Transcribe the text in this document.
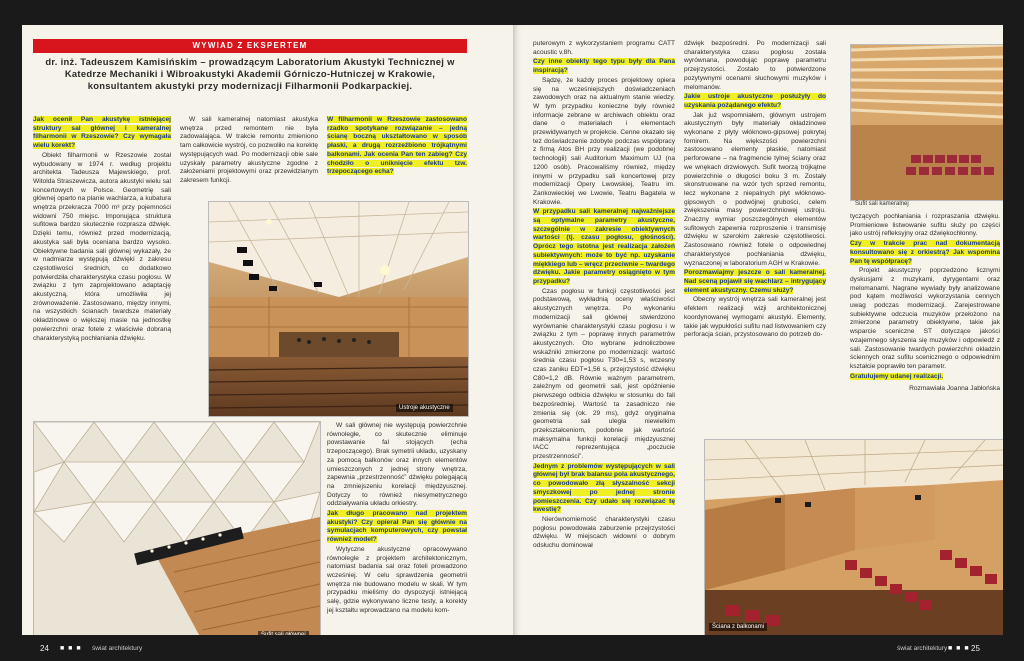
WYWIAD Z EKSPERTEM
dr. inż. Tadeuszem Kamisińskim – prowadzącym Laboratorium Akustyki Technicznej w Katedrze Mechaniki i Wibroakustyki Akademii Górniczo-Hutniczej w Krakowie, konsultantem akustyki przy modernizacji Filharmonii Podkarpackiej.

Jak ocenił Pan akustykę istniejącej struktury sal głównej i kameralnej filharmonii w Rzeszowie? Czy wymagała wielu korekt?

Obiekt filharmonii w Rzeszowie został wybudowany w 1974 r. według projektu architekta Tadeusza Majewskiego, prof. Witolda Straszewicza, autora akustyki wielu sal koncertowych w Polsce. Geometrię sali głównej oparto na planie wachlarza, a kubatura wnętrza przekracza 7000 m³ przy pojemności widowni 750 miejsc. Imponująca struktura sufitowa bardzo skutecznie rozprasza dźwięk. Dzięki temu, również przed modernizacją, akustyka sali była oceniana bardzo wysoko. Obiektywne badania sali głównej wykazały, że w nadmiarze występują dźwięki z zakresu częstotliwości średnich, co dodatkowo potwierdziła charakterystyka czasu pogłosu. W związku z tym zaprojektowano adaptację akustyczną, która umożliwiła jej zrównoważenie. Zastosowano, między innymi, na wszystkich ścianach twardsze materiały okładzinowe o większej masie na jednostkę powierzchni oraz fotele z właściwie dobraną charakterystyką pochłaniania dźwięku.

W sali kameralnej natomiast akustyka wnętrza przed remontem nie była zadowalająca. W trakcie remontu zmieniono tam całkowicie wystrój, co pozwoliło na korektę występujących wad. Po modernizacji obie sale uzyskały parametry akustyczne zgodne z założeniami projektowymi oraz przewidzianym zakresem funkcji.

W filharmonii w Rzeszowie zastosowano rzadko spotykane rozwiązanie – jedną ścianę boczną ukształtowano w sposób płaski, a drugą rozrzeźbiono trójkątnymi balkonami. Jak ocenia Pan ten zabieg? Czy chodziło o uniknięcie efektu tzw. trzepoczącego echa?

Ustroje akustyczne

W sali głównej nie występują powierzchnie równoległe, co skutecznie eliminuje powstawanie fal stojących (echa trzepoczącego). Brak symetrii układu, uzyskany za pomocą balkonów oraz innych elementów umieszczonych z jednej strony wnętrza, zapewnia „przestrzenność” dźwięku polegającą na zmniejszeniu korelacji międzyusznej. Dotyczy to również niesymetrycznego oddziaływania układu orkiestry.

Jak długo pracowano nad projektem akustyki? Czy opierał Pan się głównie na symulacjach komputerowych, czy powstał również model?

Wytyczne akustyczne opracowywano równolegle z projektem architektonicznym, natomiast badania sal oraz foteli prowadzono wcześniej. W celu sprawdzenia geometrii wnętrza nie budowano modelu w skali. W tym przypadku mieliśmy do dyspozycji istniejącą salę, gdzie wykonywano liczne testy, a korekty jej kształtu wprowadzano na modelu kom-

24 ■ ■ ■ świat architektury

puterowym z wykorzystaniem programu CATT acoustic v.8h.

Czy inne obiekty tego typu były dla Pana inspiracją?

Sądzę, że każdy proces projektowy opiera się na wcześniejszych doświadczeniach zawodowych oraz na aktualnym stanie wiedzy. W tym przypadku konieczne były również informacje zebrane w archiwach obiektu oraz dane o materiałach i elementach przewidywanych w projekcie. Cenne okazało się też doświadczenie zdobyte podczas współpracy z firmą Atos BH przy realizacji (we podobnej technologii) sali Auditorium Maximum UJ (na 1200 osób). Pracowaliśmy również, między innymi w przypadku sali koncertowej przy modernizacji Opery Lwowskiej, Teatru im. Zankowieckiej we Lwowie, Teatru Bagatela w Krakowie.

W przypadku sali kameralnej najważniejsze są optymalne parametry akustyczne, szczególnie w zakresie obiektywnych wartości (tj. czasu pogłosu, głośności). Oprócz tego istotna jest realizacja założeń subiektywnych: może to być np. uzyskanie miękkiego lub – wręcz przeciwnie – twardego dźwięku. Jakie parametry osiągnięto w tym przypadku?

Czas pogłosu w funkcji częstotliwości jest podstawową, wykładnią oceny właściwości akustycznych wnętrza. Po wykonaniu modernizacji sali głównej stwierdzono wyrównanie charakterystyki czasu pogłosu i w związku z tym – poprawę innych parametrów akustycznych. Oto wybrane jednoliczbowe wskaźniki zmierzone po modernizacji: wartość średnia czasu pogłosu T30=1,53 s, wczesny czas zaniku EDT=1,56 s, przejrzystość dźwięku C80=1,2 dB. Równie ważnym parametrem, zależnym od geometrii sali, jest opóźnienie pierwszego odbicia dźwięku w stosunku do fali bezpośredniej. Wartość ta zasadniczo nie zmienia się (ok. 29 ms), gdyż oryginalna geometria sali uległa niewielkim przekształceniom, podobnie jak wartość maksymalna funkcji korelacji międzyusznej IACC reprezentująca „poczucie przestrzenności”.

Jednym z problemów występujących w sali głównej był brak balansu pola akustycznego, co powodowało złą słyszalność sekcji smyczkowej po jednej stronie pomieszczenia. Czy udało się rozwiązać tę kwestię?

Nierównomierność charakterystyki czasu pogłosu powodowała zaburzenie przejrzystości dźwięku. W miejscach widowni o dobrym odsłuchu dominował

dźwięk bezpośredni. Po modernizacji sali charakterystyka czasu pogłosu została wyrównana, powodując poprawę parametru przejrzystości. Zostało to potwierdzone pozytywnymi ocenami słuchowymi muzyków i melomanów.

Jakie ustroje akustyczne posłużyły do uzyskania pożądanego efektu?

Jak już wspomniałem, głównym ustrojem akustycznym były materiały okładzinowe wykonane z płyty włóknowo-gipsowej pokrytej fornirem. Na większości powierzchni zastosowano elementy płaskie, natomiast perforowane – na fragmencie tylnej ściany oraz we wnękach drzwiowych. Sufit tworzą trójkątne powierzchnie o długości boku 3 m. Zostały skonstruowane na wzór tych sprzed remontu, lecz wykonane z niepalnych płyt włóknowo-gipsowych o podwójnej grubości, celem zwiększenia masy powierzchniowej ustroju. Znaczny wymiar poszczególnych elementów sufitowych zapewnia rozproszenie i transmisję dźwięku w szerokim zakresie częstotliwości. Zastosowano również fotele o odpowiednej charakterystyce pochłaniania dźwięku, wyznaczonej w laboratorium AGH w Krakowie.

Porozmawiajmy jeszcze o sali kameralnej. Nad sceną pojawił się wachlarz – intrygujący element akustyczny. Czemu służy?

Obecny wystrój wnętrza sali kameralnej jest efektem realizacji wizji architektonicznej koordynowanej wymogami akustyki. Elementy, takie jak wypukłości sufitu nad listwowaniem czy perforacja ścian, przystosowano do potrzeb do-

Sufit sali kameralnej

tyczących pochłaniania i rozpraszania dźwięku. Promieniowe listwowanie sufitu służy po części jako ustrój refleksyjny oraz dźwiękochłonny.

Czy w trakcie prac nad dokumentacją konsultowano się z orkiestrą? Jak wspomina Pan tę współpracę?

Projekt akustyczny poprzedzono licznymi dyskusjami z muzykami, dyrygentami oraz melomanami. Nagrane wywiady były analizowane pod kątem możliwości wykorzystania cennych uwag podczas modernizacji. Zarejestrowane subiektywne odczucia muzyków przełożono na zmierzone parametry obiektywne, takie jak wsparcie sceniczne ST dotyczące jakości wzajemnego słyszenia się muzyków i odpowiedź z sali. Zastosowanie twardych powierzchni okładzin ściennych oraz sufitu scenicznego o odpowiednim kształcie poprawiło ten parametr.

Gratulujemy udanej realizacji.

Rozmawiała Joanna Jabłońska

Ściana z balkonami
świat architektury ■ ■ ■ 25
